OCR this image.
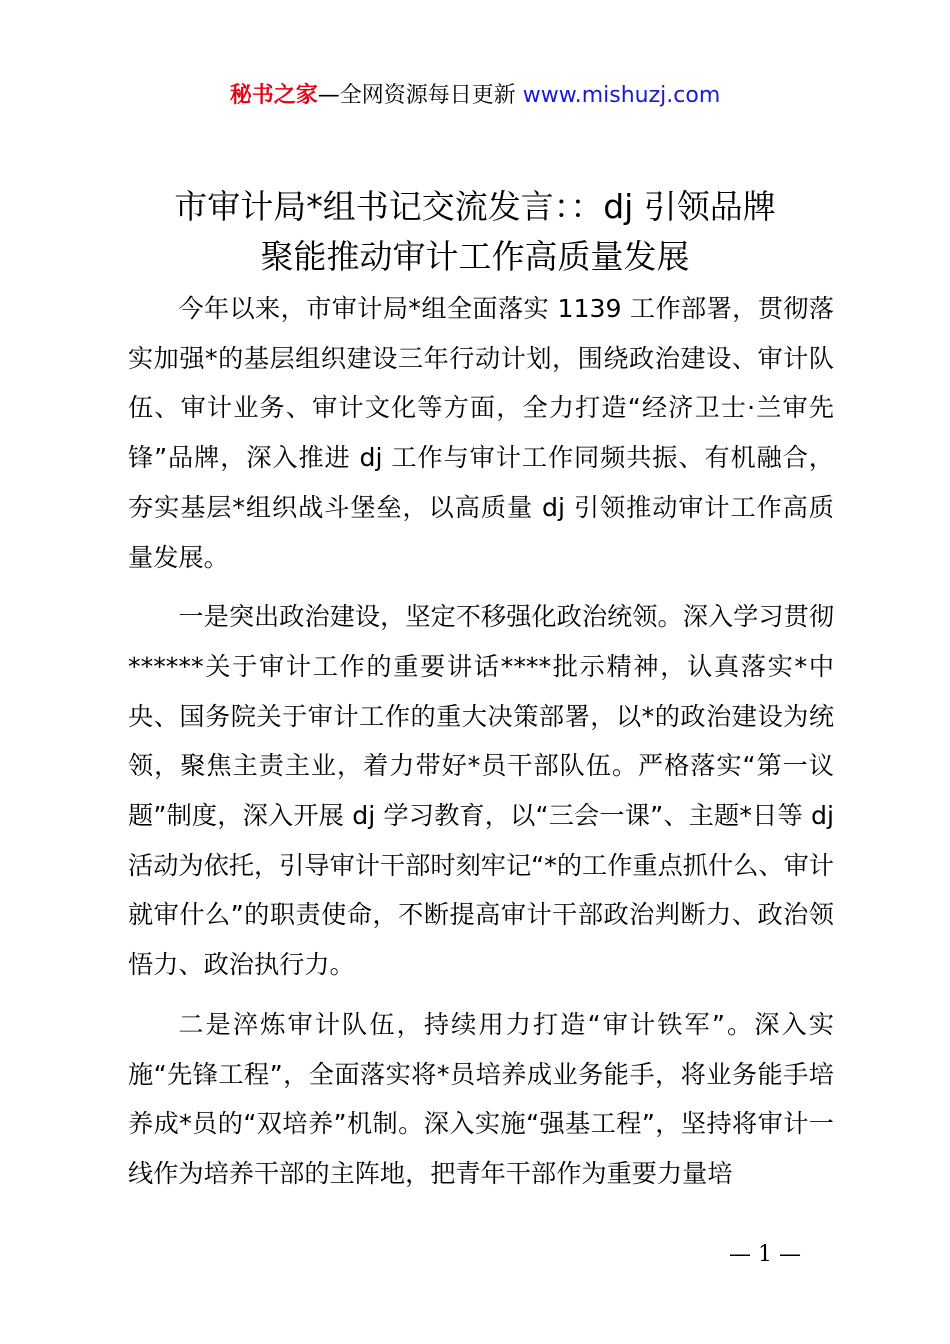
秘书之家—全网资源每日更新 www.mishuzj.com
市审计局*组书记交流发言：：dj 引领品牌
聚能推动审计工作高质量发展

今年以来，市审计局*组全面落实 1139 工作部署，贯彻落实加强*的基层组织建设三年行动计划，围绕政治建设、审计队伍、审计业务、审计文化等方面，全力打造“经济卫士·兰审先锋”品牌，深入推进 dj 工作与审计工作同频共振、有机融合，夯实基层*组织战斗堡垒，以高质量 dj 引领推动审计工作高质量发展。

一是突出政治建设，坚定不移强化政治统领。深入学习贯彻******关于审计工作的重要讲话****批示精神，认真落实*中央、国务院关于审计工作的重大决策部署，以*的政治建设为统领，聚焦主责主业，着力带好*员干部队伍。严格落实“第一议题”制度，深入开展 dj 学习教育，以“三会一课”、主题*日等 dj 活动为依托，引导审计干部时刻牢记“*的工作重点抓什么、审计就审什么”的职责使命，不断提高审计干部政治判断力、政治领悟力、政治执行力。

二是淬炼审计队伍，持续用力打造“审计铁军”。深入实施“先锋工程”，全面落实将*员培养成业务能手，将业务能手培养成*员的“双培养”机制。深入实施“强基工程”，坚持将审计一线作为培养干部的主阵地，把青年干部作为重要力量培

— 1 —
